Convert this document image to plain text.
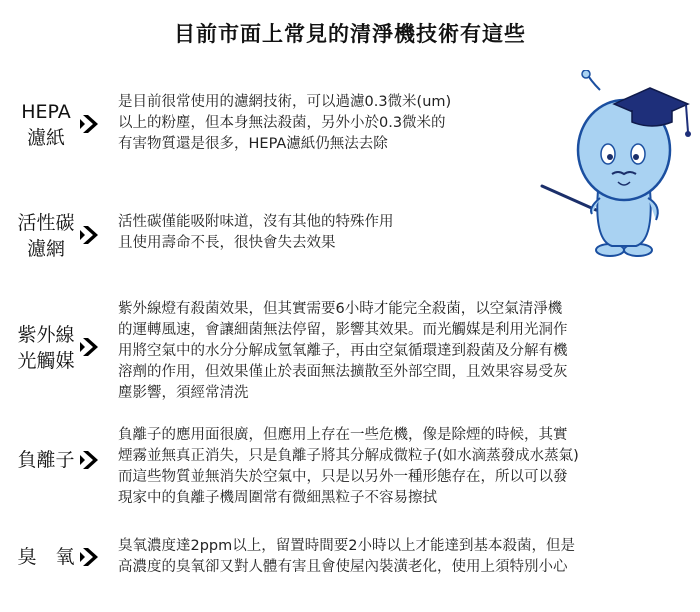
目前市面上常見的清淨機技術有這些
HEPA
濾紙
是目前很常使用的濾網技術，可以過濾0.3微米(um)
以上的粉塵，但本身無法殺菌，另外小於0.3微米的
有害物質還是很多，HEPA濾紙仍無法去除
活性碳
濾網
活性碳僅能吸附味道，沒有其他的特殊作用
且使用壽命不長，很快會失去效果
紫外線
光觸媒
紫外線燈有殺菌效果，但其實需要6小時才能完全殺菌，以空氣清淨機
的運轉風速，會讓細菌無法停留，影響其效果。而光觸媒是利用光洞作
用將空氣中的水分分解成氫氧離子，再由空氣循環達到殺菌及分解有機
溶劑的作用，但效果僅止於表面無法擴散至外部空間，且效果容易受灰
塵影響，須經常清洗
負離子
負離子的應用面很廣，但應用上存在一些危機，像是除煙的時候，其實
煙霧並無真正消失，只是負離子將其分解成微粒子(如水滴蒸發成水蒸氣)
而這些物質並無消失於空氣中，只是以另外一種形態存在，所以可以發
現家中的負離子機周圍常有微細黑粒子不容易擦拭
臭　氧	臭氧濃度達2ppm以上，留置時間要2小時以上才能達到基本殺菌，但是
高濃度的臭氧卻又對人體有害且會使屋內裝潢老化，使用上須特別小心
